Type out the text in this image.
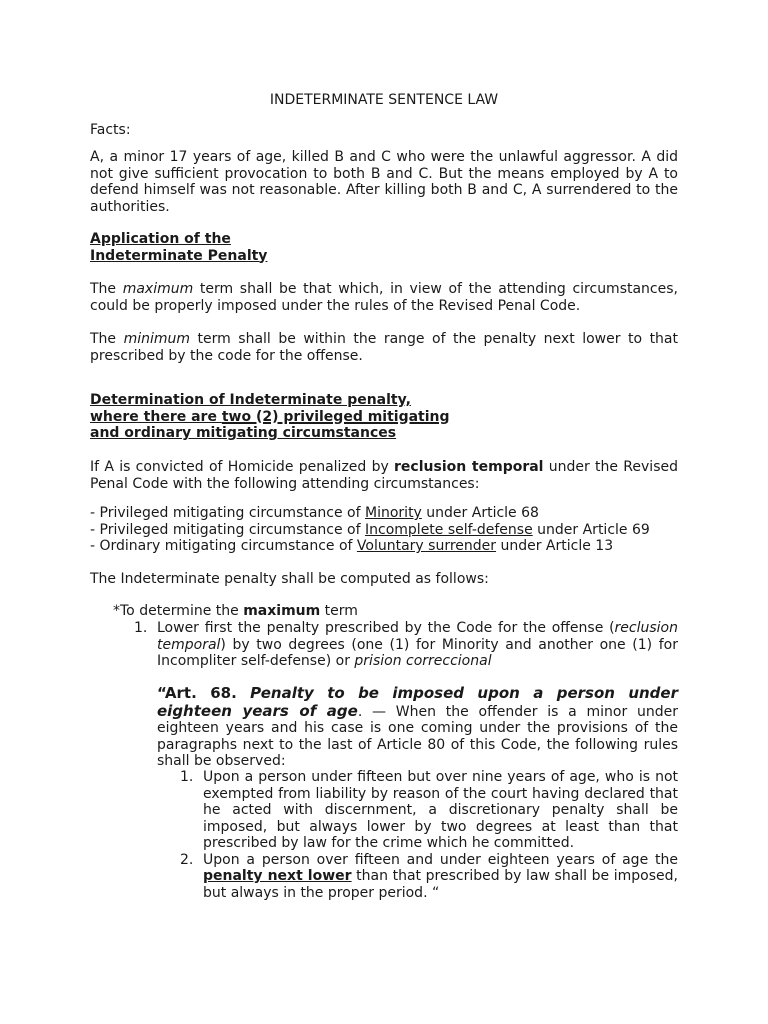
INDETERMINATE SENTENCE LAW

Facts:

A, a minor 17 years of age, killed B and C who were the unlawful aggressor. A did not give sufficient provocation to both B and C. But the means employed by A to defend himself was not reasonable. After killing both B and C, A surrendered to the authorities.

Application of the
Indeterminate Penalty

The maximum term shall be that which, in view of the attending circumstances, could be properly imposed under the rules of the Revised Penal Code.

The minimum term shall be within the range of the penalty next lower to that prescribed by the code for the offense.

Determination of Indeterminate penalty,
where there are two (2) privileged mitigating
and ordinary mitigating circumstances

If A is convicted of Homicide penalized by reclusion temporal under the Revised Penal Code with the following attending circumstances:

- Privileged mitigating circumstance of Minority under Article 68
- Privileged mitigating circumstance of Incomplete self-defense under Article 69
- Ordinary mitigating circumstance of Voluntary surrender under Article 13

The Indeterminate penalty shall be computed as follows:

*To determine the maximum term

1. Lower first the penalty prescribed by the Code for the offense (reclusion temporal) by two degrees (one (1) for Minority and another one (1) for Incompliter self-defense) or prision correccional

“Art. 68. Penalty to be imposed upon a person under eighteen years of age. — When the offender is a minor under eighteen years and his case is one coming under the provisions of the paragraphs next to the last of Article 80 of this Code, the following rules shall be observed:

1. Upon a person under fifteen but over nine years of age, who is not exempted from liability by reason of the court having declared that he acted with discernment, a discretionary penalty shall be imposed, but always lower by two degrees at least than that prescribed by law for the crime which he committed.
2. Upon a person over fifteen and under eighteen years of age the penalty next lower than that prescribed by law shall be imposed, but always in the proper period. “
